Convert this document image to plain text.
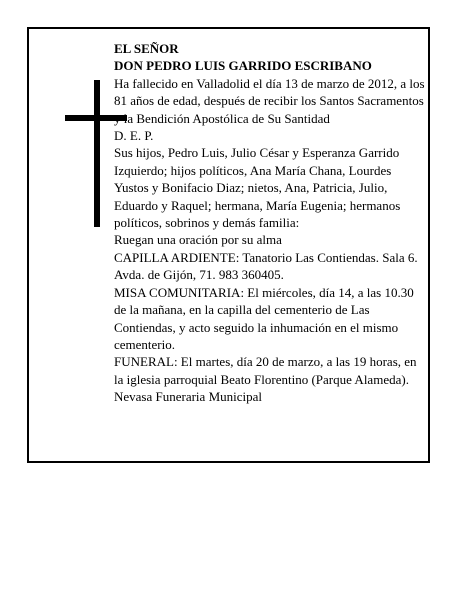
EL SEÑOR

DON PEDRO LUIS GARRIDO ESCRIBANO

Ha fallecido en Valladolid el día 13 de marzo de 2012, a los 81 años de edad, después de recibir los Santos Sacramentos y la Bendición Apostólica de Su Santidad

D. E. P.

Sus hijos, Pedro Luis, Julio César y Esperanza Garrido Izquierdo; hijos políticos, Ana María Chana, Lourdes Yustos y Bonifacio Diaz; nietos, Ana, Patricia, Julio, Eduardo y Raquel; hermana, María Eugenia; hermanos políticos, sobrinos y demás familia:

Ruegan una oración por su alma

CAPILLA ARDIENTE: Tanatorio Las Contiendas. Sala 6. Avda. de Gijón, 71. 983 360405.

MISA COMUNITARIA: El miércoles, día 14, a las 10.30 de la mañana, en la capilla del cementerio de Las Contiendas, y acto seguido la inhumación en el mismo cementerio.

FUNERAL: El martes, día 20 de marzo, a las 19 horas, en la iglesia parroquial Beato Florentino (Parque Alameda).

Nevasa Funeraria Municipal
